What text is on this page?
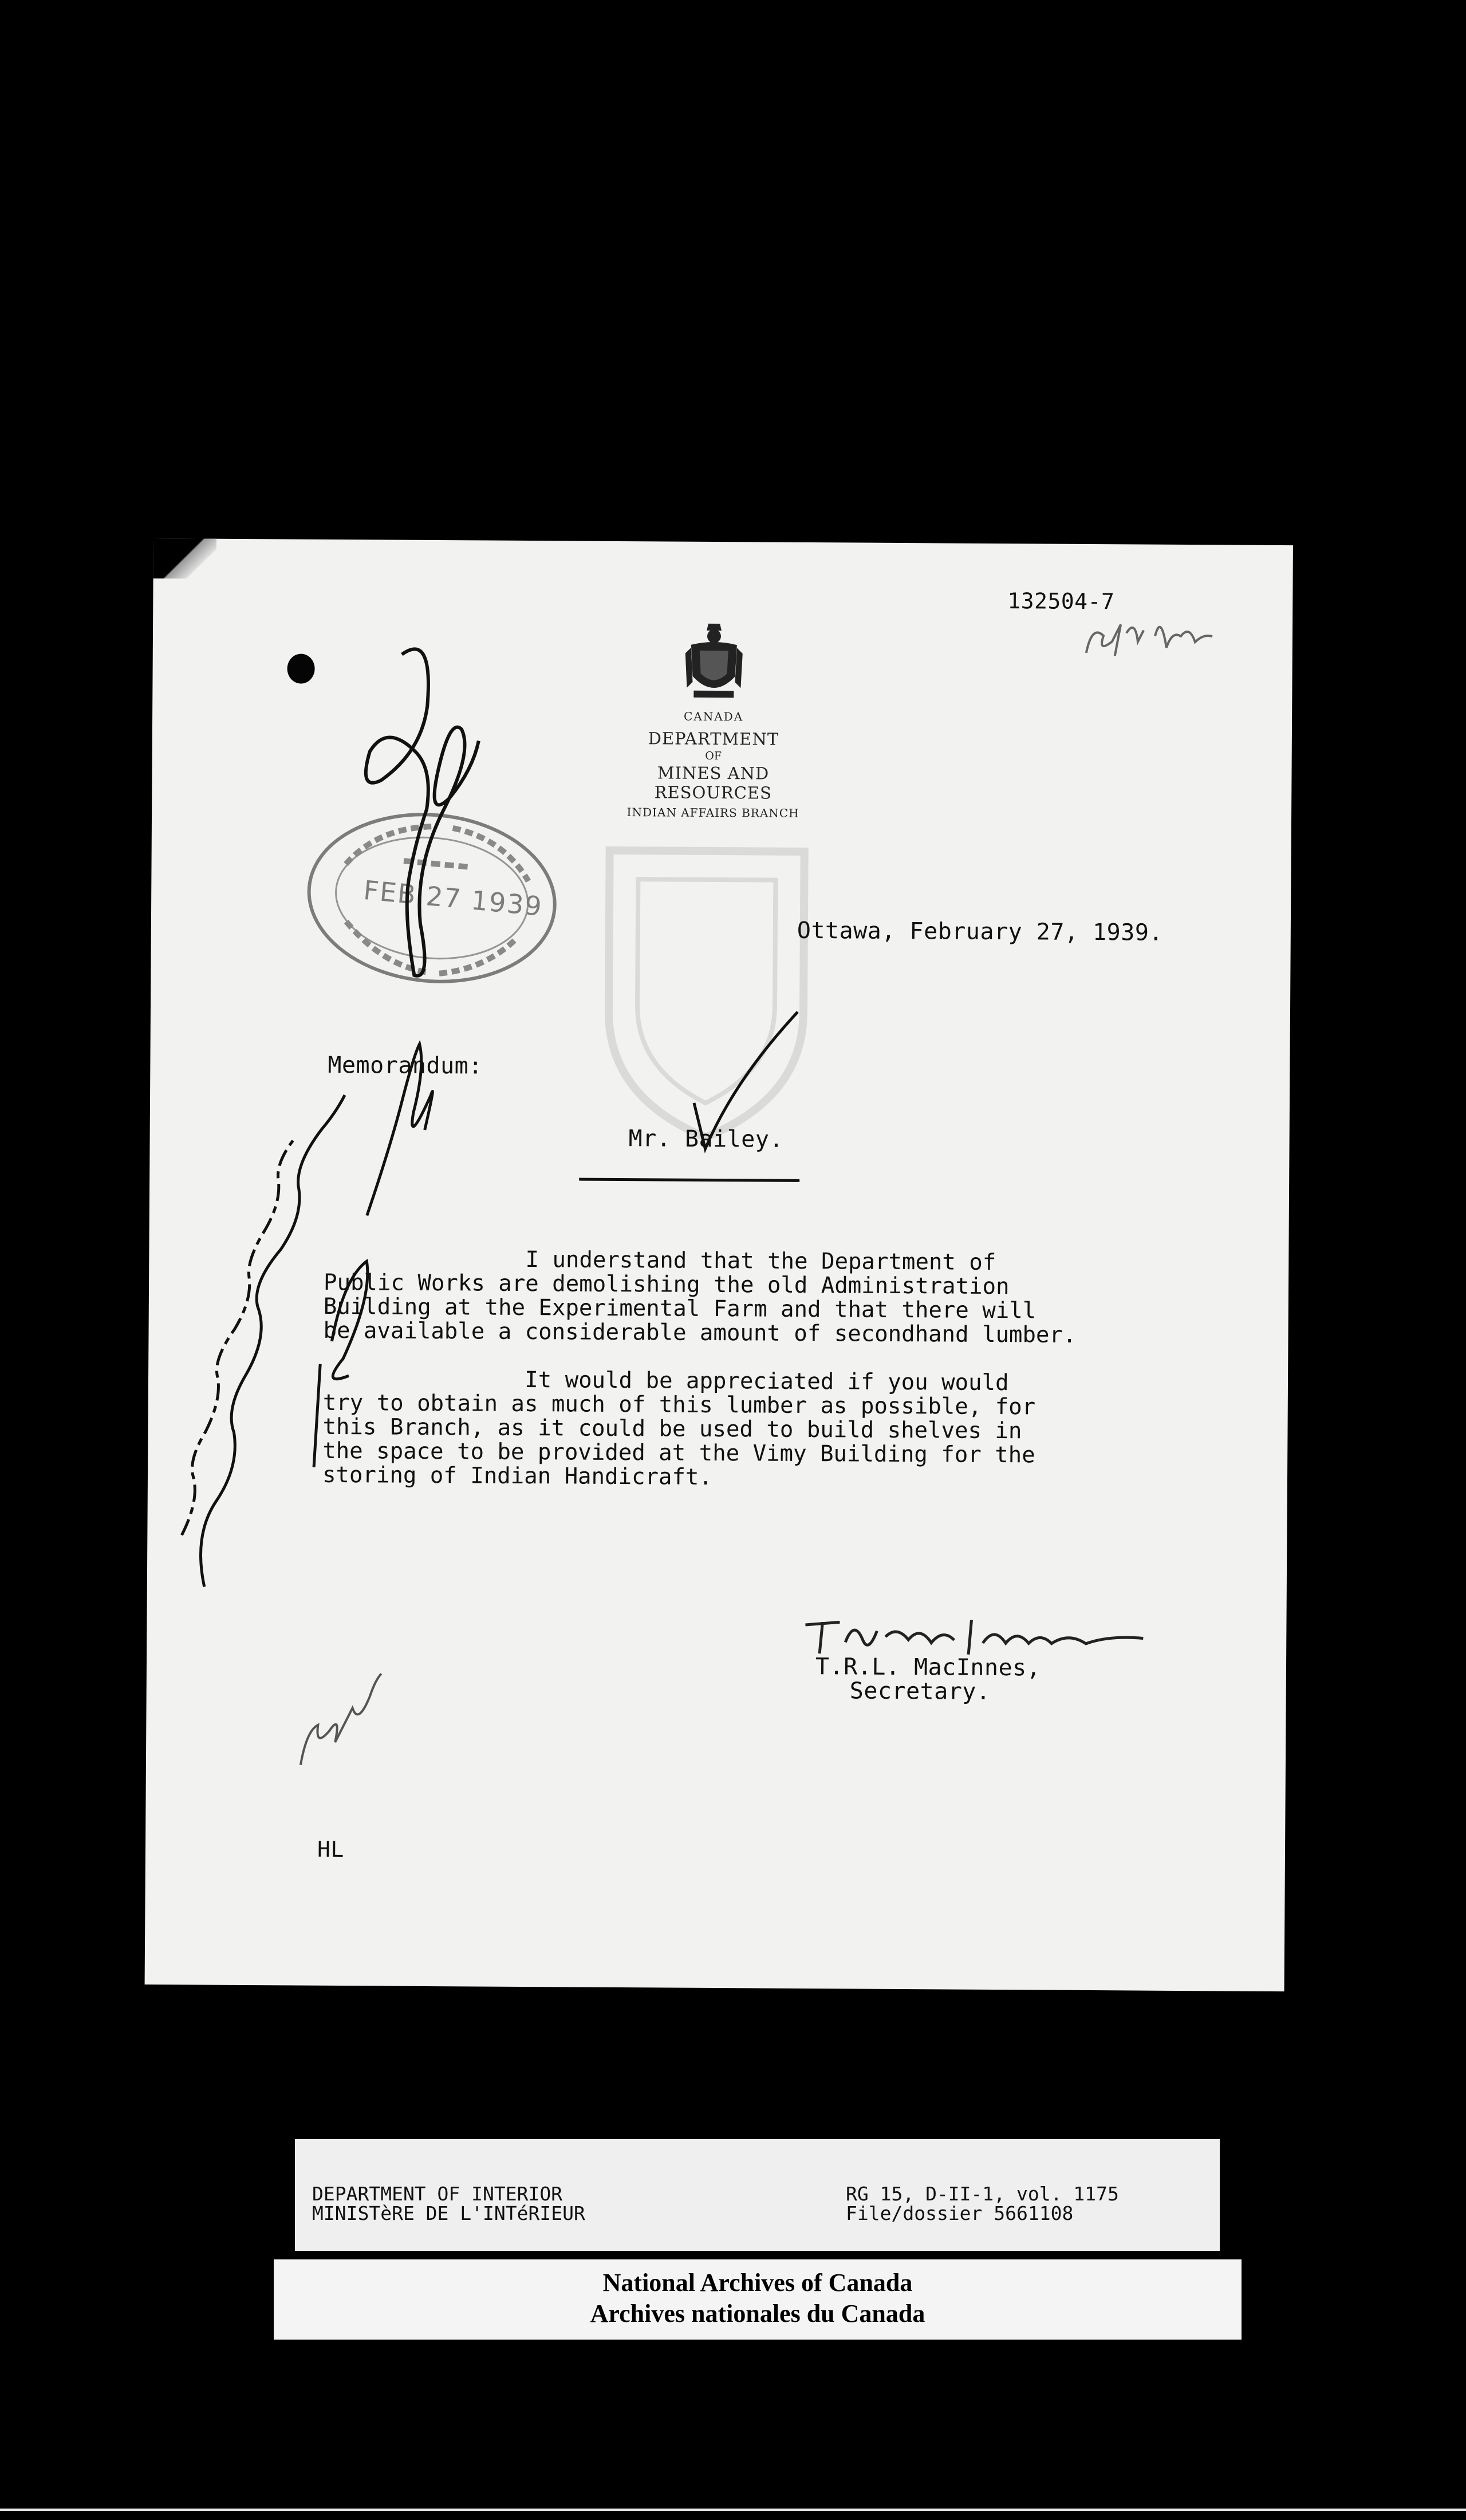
132504-7
CANADA
DEPARTMENT
OF
MINES AND RESOURCES
INDIAN AFFAIRS BRANCH
FEB 27 1939
Ottawa, February 27, 1939.
Memorandum:
Mr. Bailey.
I understand that the Department of
Public Works are demolishing the old Administration
Building at the Experimental Farm and that there will
be available a considerable amount of secondhand lumber.
It would be appreciated if you would
try to obtain as much of this lumber as possible, for
this Branch, as it could be used to build shelves in
the space to be provided at the Vimy Building for the
storing of Indian Handicraft.
T.R.L. MacInnes,
Secretary.
HL
DEPARTMENT OF INTERIOR
MINISTèRE DE L'INTéRIEUR
RG 15, D-II-1, vol. 1175
File/dossier 5661108
National Archives of Canada
Archives nationales du Canada
